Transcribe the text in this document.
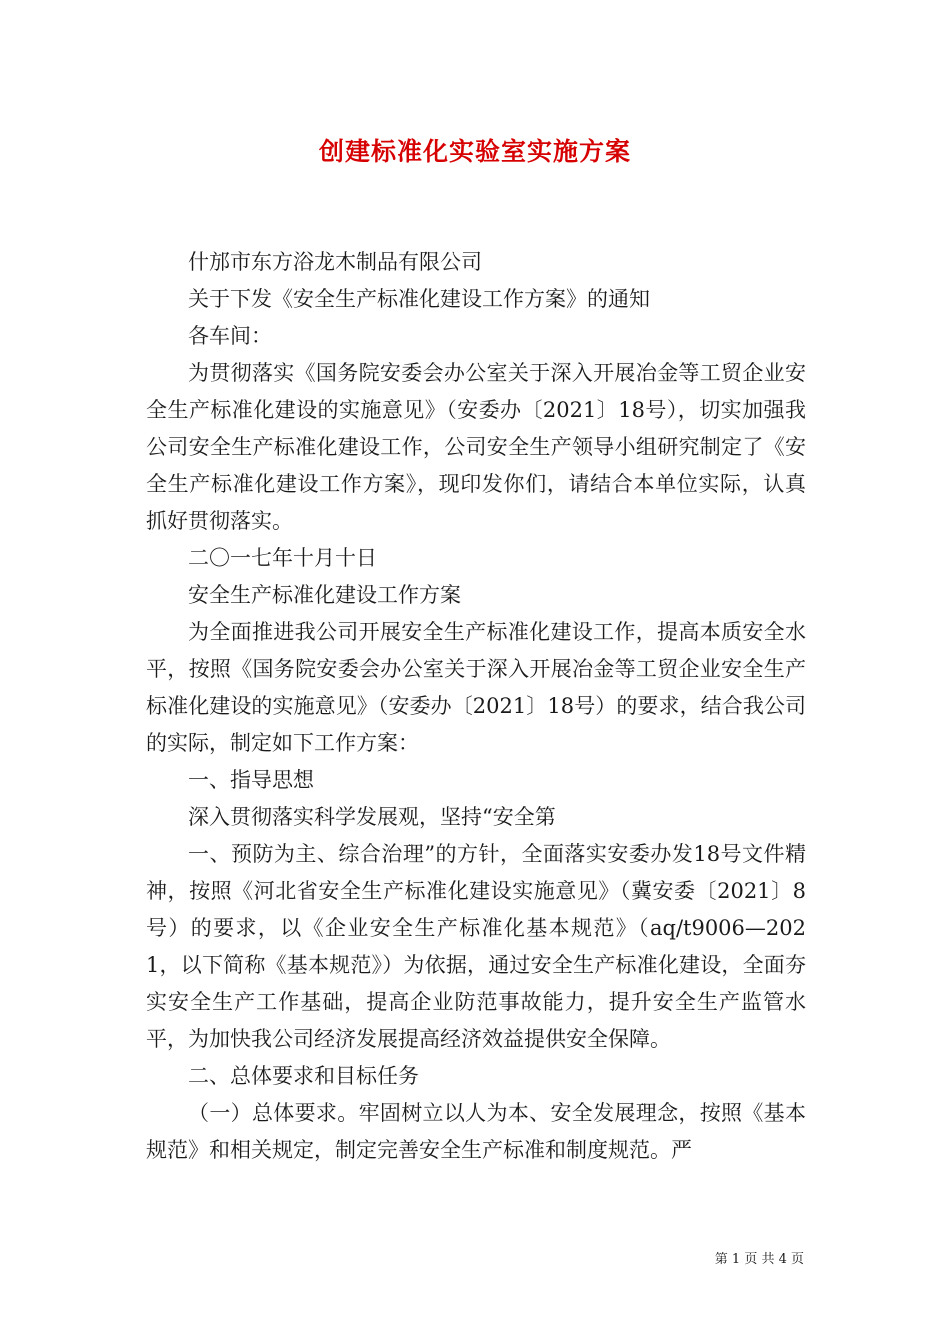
创建标准化实验室实施方案

什邡市东方浴龙木制品有限公司

关于下发《安全生产标准化建设工作方案》的通知

各车间：

为贯彻落实《国务院安委会办公室关于深入开展冶金等工贸企业安全生产标准化建设的实施意见》（安委办〔2021〕18号），切实加强我公司安全生产标准化建设工作，公司安全生产领导小组研究制定了《安全生产标准化建设工作方案》，现印发你们，请结合本单位实际，认真抓好贯彻落实。

二〇一七年十月十日

安全生产标准化建设工作方案

为全面推进我公司开展安全生产标准化建设工作，提高本质安全水平，按照《国务院安委会办公室关于深入开展冶金等工贸企业安全生产标准化建设的实施意见》（安委办〔2021〕18号）的要求，结合我公司的实际，制定如下工作方案：

一、指导思想

深入贯彻落实科学发展观，坚持“安全第

一、预防为主、综合治理”的方针，全面落实安委办发18号文件精神，按照《河北省安全生产标准化建设实施意见》（冀安委〔2021〕8号）的要求，以《企业安全生产标准化基本规范》（aq/t9006—2021，以下简称《基本规范》）为依据，通过安全生产标准化建设，全面夯实安全生产工作基础，提高企业防范事故能力，提升安全生产监管水平，为加快我公司经济发展提高经济效益提供安全保障。

二、总体要求和目标任务

（一）总体要求。牢固树立以人为本、安全发展理念，按照《基本规范》和相关规定，制定完善安全生产标准和制度规范。严

第 1 页 共 4 页
